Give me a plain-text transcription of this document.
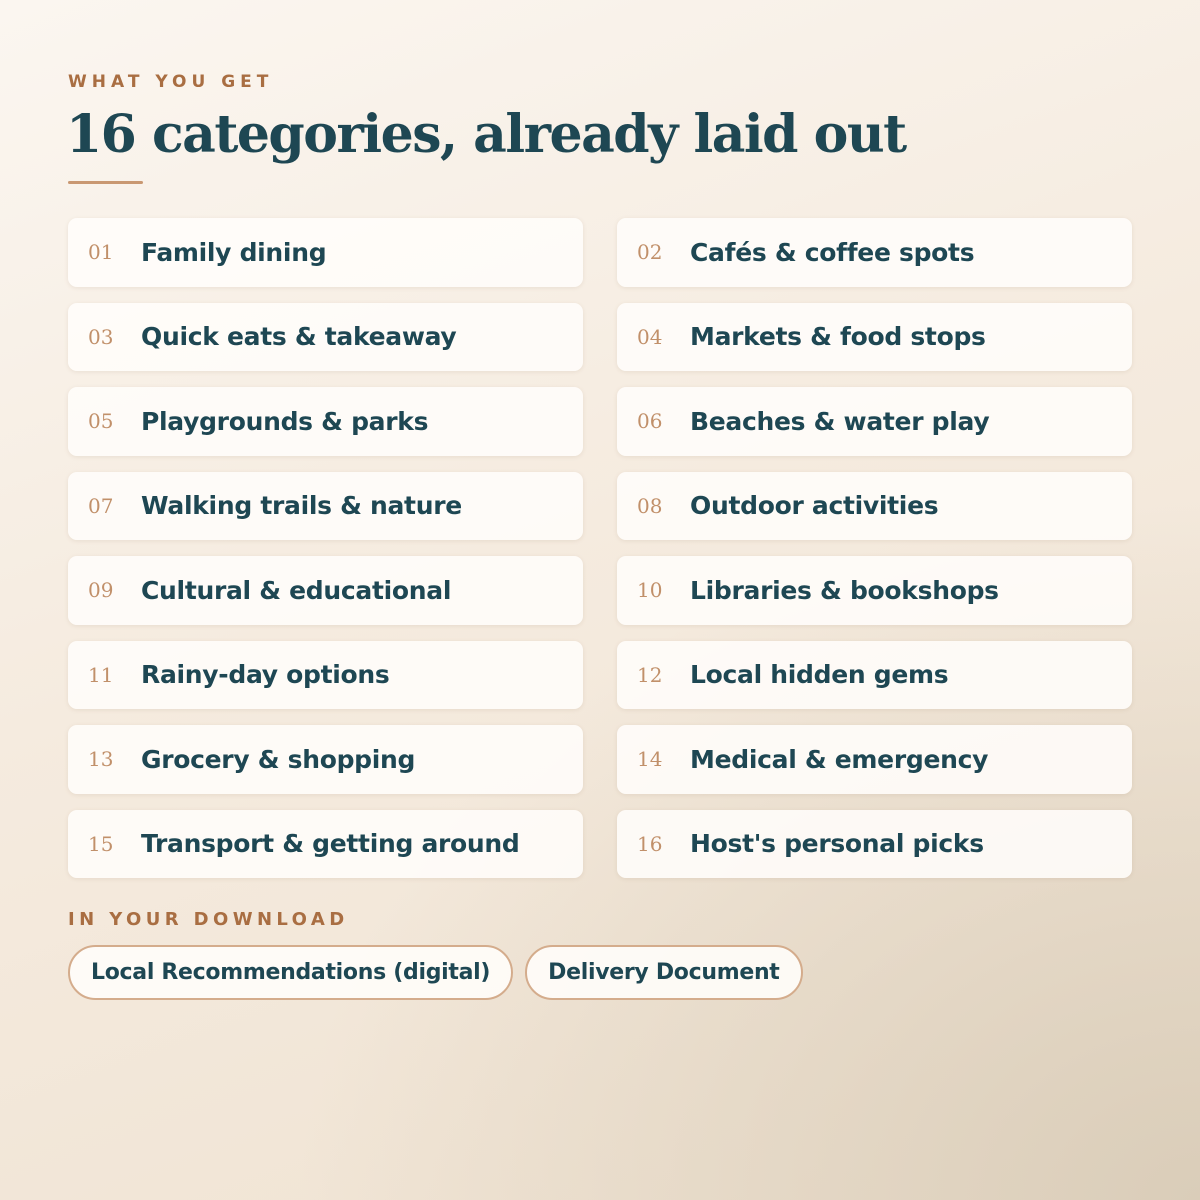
WHAT YOU GET
16 categories, already laid out
01	Family dining	02	Cafés & coffee spots
03	Quick eats & takeaway	04	Markets & food stops
05	Playgrounds & parks	06	Beaches & water play
07	Walking trails & nature	08	Outdoor activities
09	Cultural & educational	10	Libraries & bookshops
11	Rainy-day options	12	Local hidden gems
13	Grocery & shopping	14	Medical & emergency
15	Transport & getting around	16	Host's personal picks
IN YOUR DOWNLOAD
Local Recommendations (digital)	Delivery Document
